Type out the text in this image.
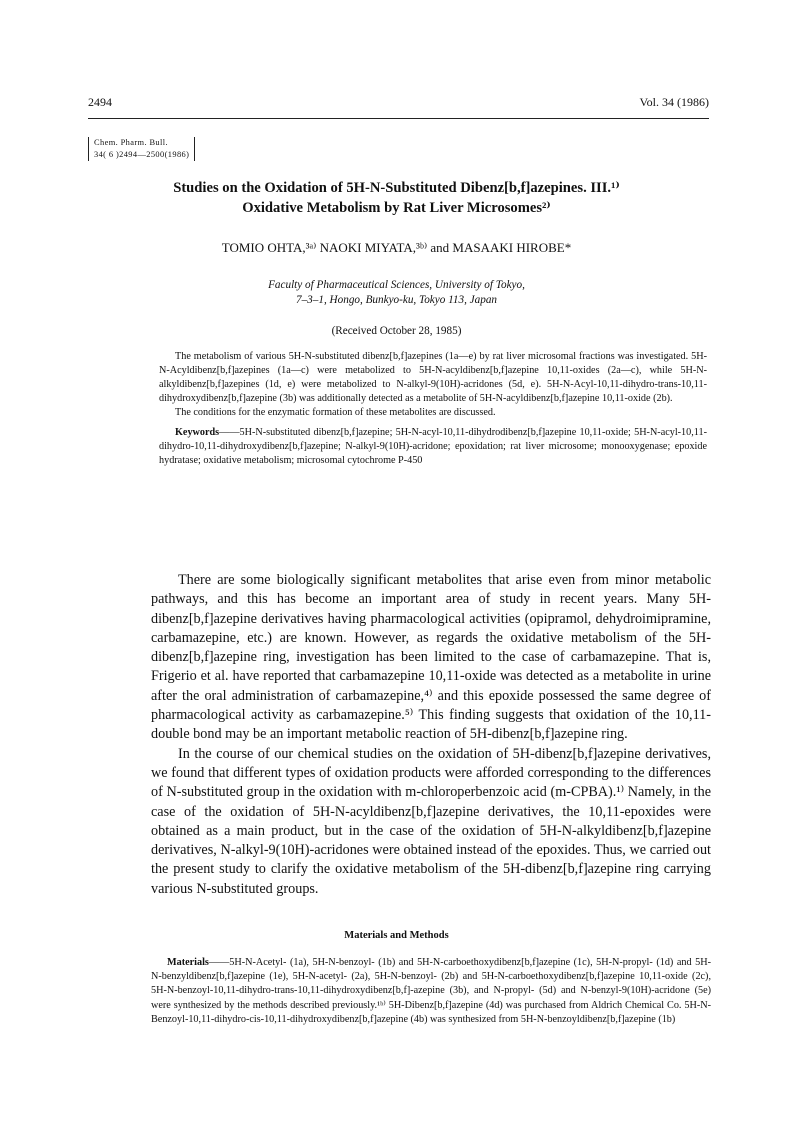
2494	Vol. 34 (1986)
Chem. Pharm. Bull.
34( 6 )2494—2500(1986)
Studies on the Oxidation of 5H-N-Substituted Dibenz[b,f]azepines. III.¹⁾
Oxidative Metabolism by Rat Liver Microsomes²⁾
TOMIO OHTA,³ᵃ⁾ NAOKI MIYATA,³ᵇ⁾ and MASAAKI HIROBE*
Faculty of Pharmaceutical Sciences, University of Tokyo,
7–3–1, Hongo, Bunkyo-ku, Tokyo 113, Japan
(Received October 28, 1985)

The metabolism of various 5H-N-substituted dibenz[b,f]azepines (1a—e) by rat liver microsomal fractions was investigated. 5H-N-Acyldibenz[b,f]azepines (1a—c) were metabolized to 5H-N-acyldibenz[b,f]azepine 10,11-oxides (2a—c), while 5H-N-alkyldibenz[b,f]azepines (1d, e) were metabolized to N-alkyl-9(10H)-acridones (5d, e). 5H-N-Acyl-10,11-dihydro-trans-10,11-dihydroxydibenz[b,f]azepine (3b) was additionally detected as a metabolite of 5H-N-acyldibenz[b,f]azepine 10,11-oxide (2b).

The conditions for the enzymatic formation of these metabolites are discussed.

Keywords——5H-N-substituted dibenz[b,f]azepine; 5H-N-acyl-10,11-dihydrodibenz[b,f]azepine 10,11-oxide; 5H-N-acyl-10,11-dihydro-10,11-dihydroxydibenz[b,f]azepine; N-alkyl-9(10H)-acridone; epoxidation; rat liver microsome; monooxygenase; epoxide hydratase; oxidative metabolism; microsomal cytochrome P-450

There are some biologically significant metabolites that arise even from minor metabolic pathways, and this has become an important area of study in recent years. Many 5H-dibenz[b,f]azepine derivatives having pharmacological activities (opipramol, dehydroimipramine, carbamazepine, etc.) are known. However, as regards the oxidative metabolism of the 5H-dibenz[b,f]azepine ring, investigation has been limited to the case of carbamazepine. That is, Frigerio et al. have reported that carbamazepine 10,11-oxide was detected as a metabolite in urine after the oral administration of carbamazepine,⁴⁾ and this epoxide possessed the same degree of pharmacological activity as carbamazepine.⁵⁾ This finding suggests that oxidation of the 10,11-double bond may be an important metabolic reaction of 5H-dibenz[b,f]azepine ring.

In the course of our chemical studies on the oxidation of 5H-dibenz[b,f]azepine derivatives, we found that different types of oxidation products were afforded corresponding to the differences of N-substituted group in the oxidation with m-chloroperbenzoic acid (m-CPBA).¹⁾ Namely, in the case of the oxidation of 5H-N-acyldibenz[b,f]azepine derivatives, the 10,11-epoxides were obtained as a main product, but in the case of the oxidation of 5H-N-alkyldibenz[b,f]azepine derivatives, N-alkyl-9(10H)-acridones were obtained instead of the epoxides. Thus, we carried out the present study to clarify the oxidative metabolism of the 5H-dibenz[b,f]azepine ring carrying various N-substituted groups.

Materials and Methods

Materials——5H-N-Acetyl- (1a), 5H-N-benzoyl- (1b) and 5H-N-carboethoxydibenz[b,f]azepine (1c), 5H-N-propyl- (1d) and 5H-N-benzyldibenz[b,f]azepine (1e), 5H-N-acetyl- (2a), 5H-N-benzoyl- (2b) and 5H-N-carboethoxydibenz[b,f]azepine 10,11-oxide (2c), 5H-N-benzoyl-10,11-dihydro-trans-10,11-dihydroxydibenz[b,f]-azepine (3b), and N-propyl- (5d) and N-benzyl-9(10H)-acridone (5e) were synthesized by the methods described previously.¹ᵇ⁾ 5H-Dibenz[b,f]azepine (4d) was purchased from Aldrich Chemical Co. 5H-N-Benzoyl-10,11-dihydro-cis-10,11-dihydroxydibenz[b,f]azepine (4b) was synthesized from 5H-N-benzoyldibenz[b,f]azepine (1b)
